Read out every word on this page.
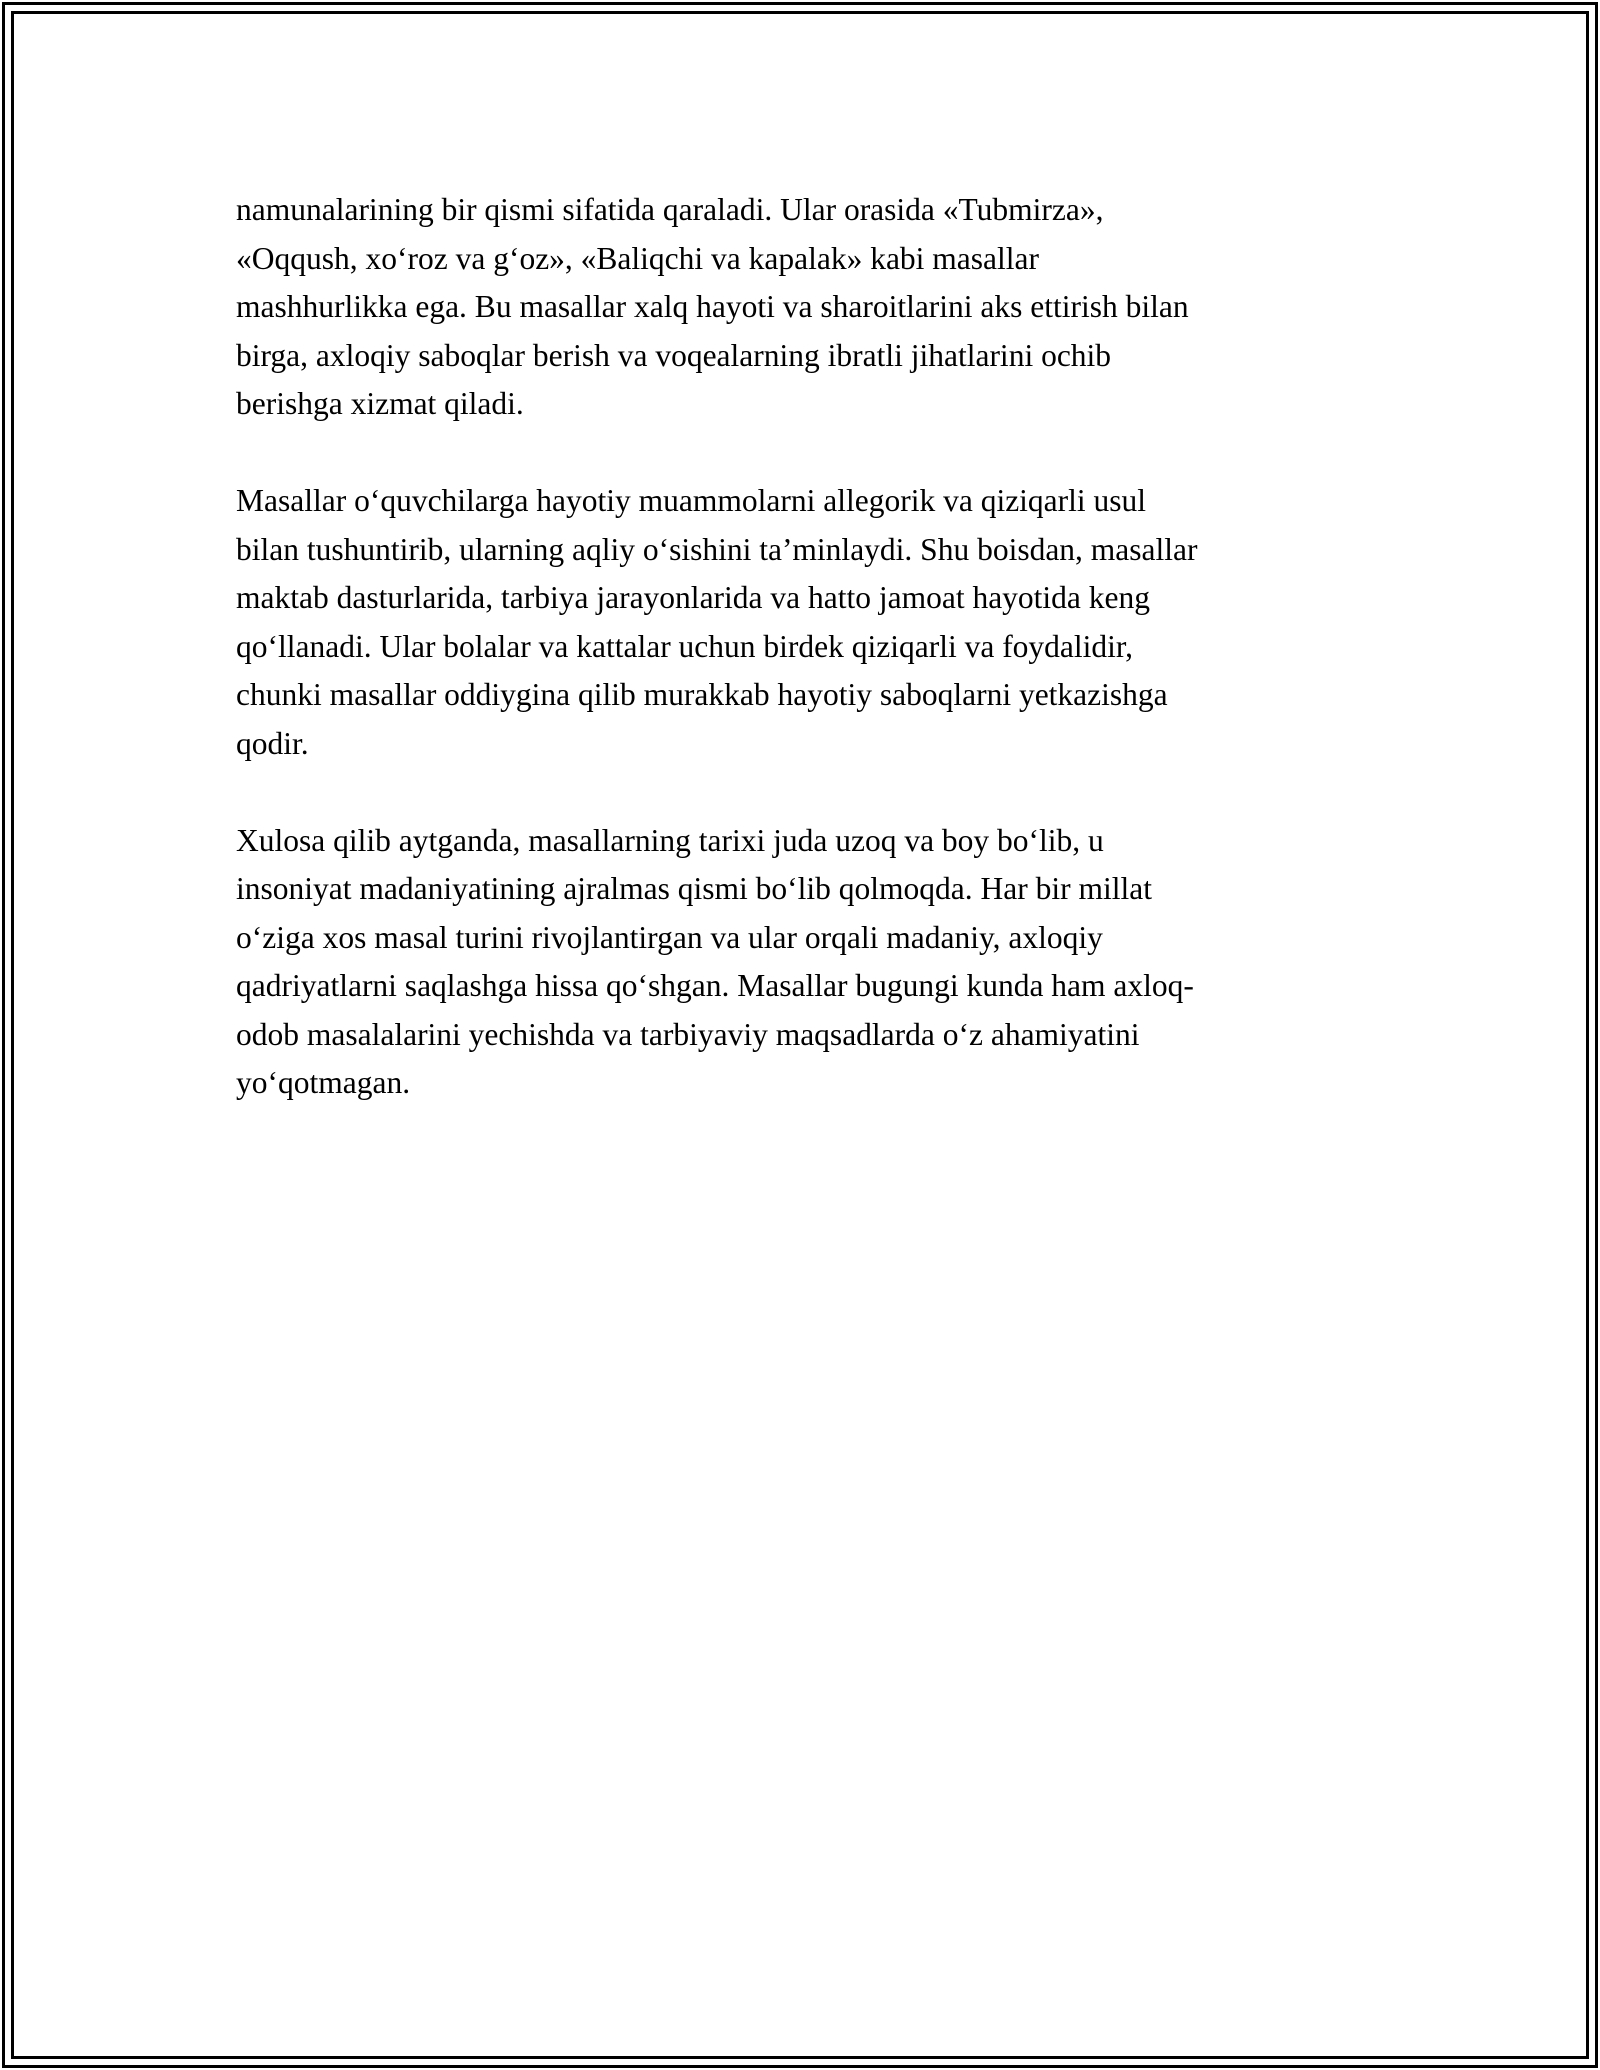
namunalarining bir qismi sifatida qaraladi. Ular orasida «Tubmirza»,
«Oqqush, xo‘roz va g‘oz», «Baliqchi va kapalak» kabi masallar
mashhurlikka ega. Bu masallar xalq hayoti va sharoitlarini aks ettirish bilan
birga, axloqiy saboqlar berish va voqealarning ibratli jihatlarini ochib
berishga xizmat qiladi.

Masallar o‘quvchilarga hayotiy muammolarni allegorik va qiziqarli usul
bilan tushuntirib, ularning aqliy o‘sishini ta’minlaydi. Shu boisdan, masallar
maktab dasturlarida, tarbiya jarayonlarida va hatto jamoat hayotida keng
qo‘llanadi. Ular bolalar va kattalar uchun birdek qiziqarli va foydalidir,
chunki masallar oddiygina qilib murakkab hayotiy saboqlarni yetkazishga
qodir.

Xulosa qilib aytganda, masallarning tarixi juda uzoq va boy bo‘lib, u
insoniyat madaniyatining ajralmas qismi bo‘lib qolmoqda. Har bir millat
o‘ziga xos masal turini rivojlantirgan va ular orqali madaniy, axloqiy
qadriyatlarni saqlashga hissa qo‘shgan. Masallar bugungi kunda ham axloq-
odob masalalarini yechishda va tarbiyaviy maqsadlarda o‘z ahamiyatini
yo‘qotmagan.
